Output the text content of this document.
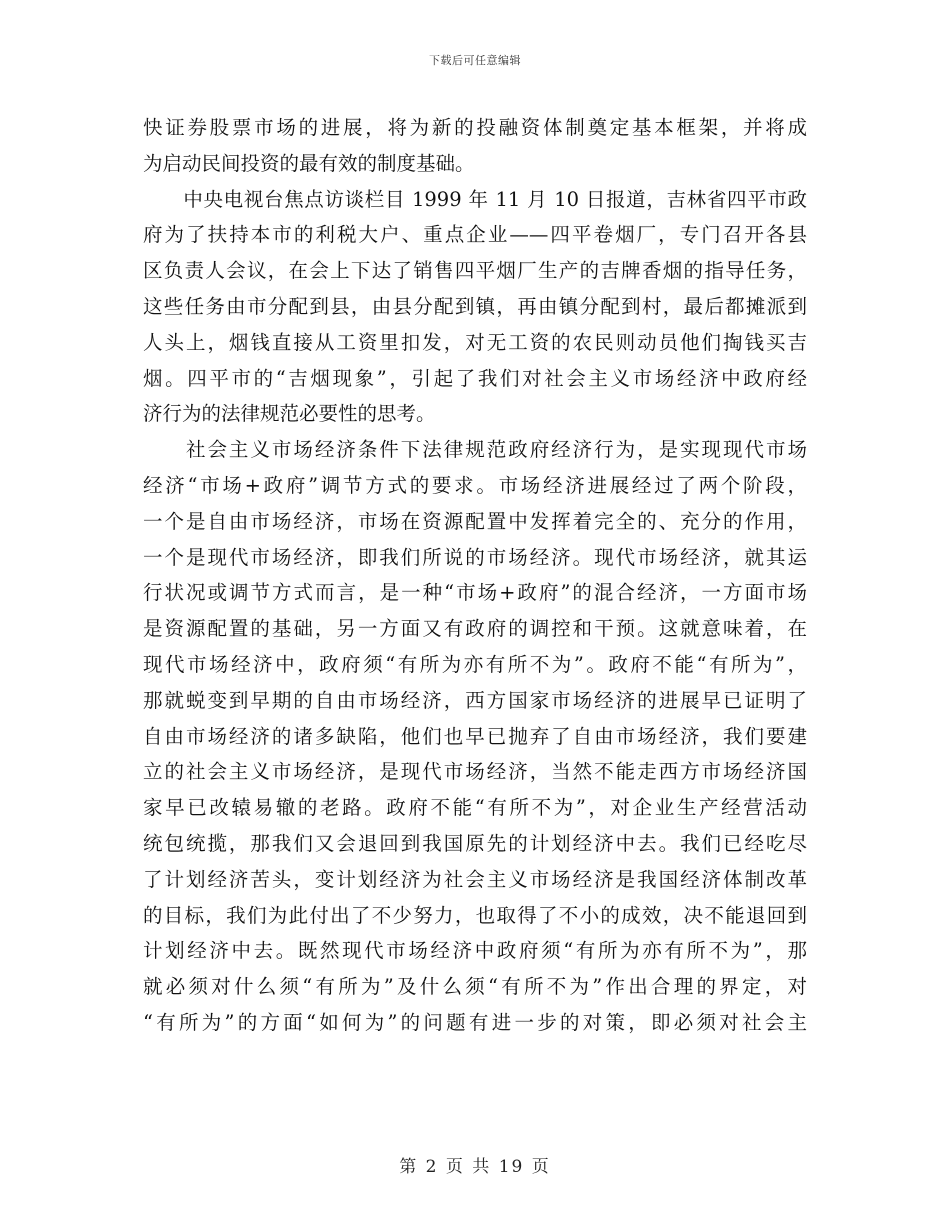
下载后可任意编辑
快证券股票市场的进展，将为新的投融资体制奠定基本框架，并将成
为启动民间投资的最有效的制度基础。
　　中央电视台焦点访谈栏目 1999 年 11 月 10 日报道，吉林省四平市政
府为了扶持本市的利税大户、重点企业——四平卷烟厂，专门召开各县
区负责人会议，在会上下达了销售四平烟厂生产的吉牌香烟的指导任务，
这些任务由市分配到县，由县分配到镇，再由镇分配到村，最后都摊派到
人头上，烟钱直接从工资里扣发，对无工资的农民则动员他们掏钱买吉
烟。四平市的“吉烟现象”，引起了我们对社会主义市场经济中政府经
济行为的法律规范必要性的思考。
　　社会主义市场经济条件下法律规范政府经济行为，是实现现代市场
经济“市场+政府”调节方式的要求。市场经济进展经过了两个阶段，
一个是自由市场经济，市场在资源配置中发挥着完全的、充分的作用，
一个是现代市场经济，即我们所说的市场经济。现代市场经济，就其运
行状况或调节方式而言，是一种“市场+政府”的混合经济，一方面市场
是资源配置的基础，另一方面又有政府的调控和干预。这就意味着，在
现代市场经济中，政府须“有所为亦有所不为”。政府不能“有所为”，
那就蜕变到早期的自由市场经济，西方国家市场经济的进展早已证明了
自由市场经济的诸多缺陷，他们也早已抛弃了自由市场经济，我们要建
立的社会主义市场经济，是现代市场经济，当然不能走西方市场经济国
家早已改辕易辙的老路。政府不能“有所不为”，对企业生产经营活动
统包统揽，那我们又会退回到我国原先的计划经济中去。我们已经吃尽
了计划经济苦头，变计划经济为社会主义市场经济是我国经济体制改革
的目标，我们为此付出了不少努力，也取得了不小的成效，决不能退回到
计划经济中去。既然现代市场经济中政府须“有所为亦有所不为”，那
就必须对什么须“有所为”及什么须“有所不为”作出合理的界定，对
“有所为”的方面“如何为”的问题有进一步的对策，即必须对社会主
第 2 页 共 19 页
